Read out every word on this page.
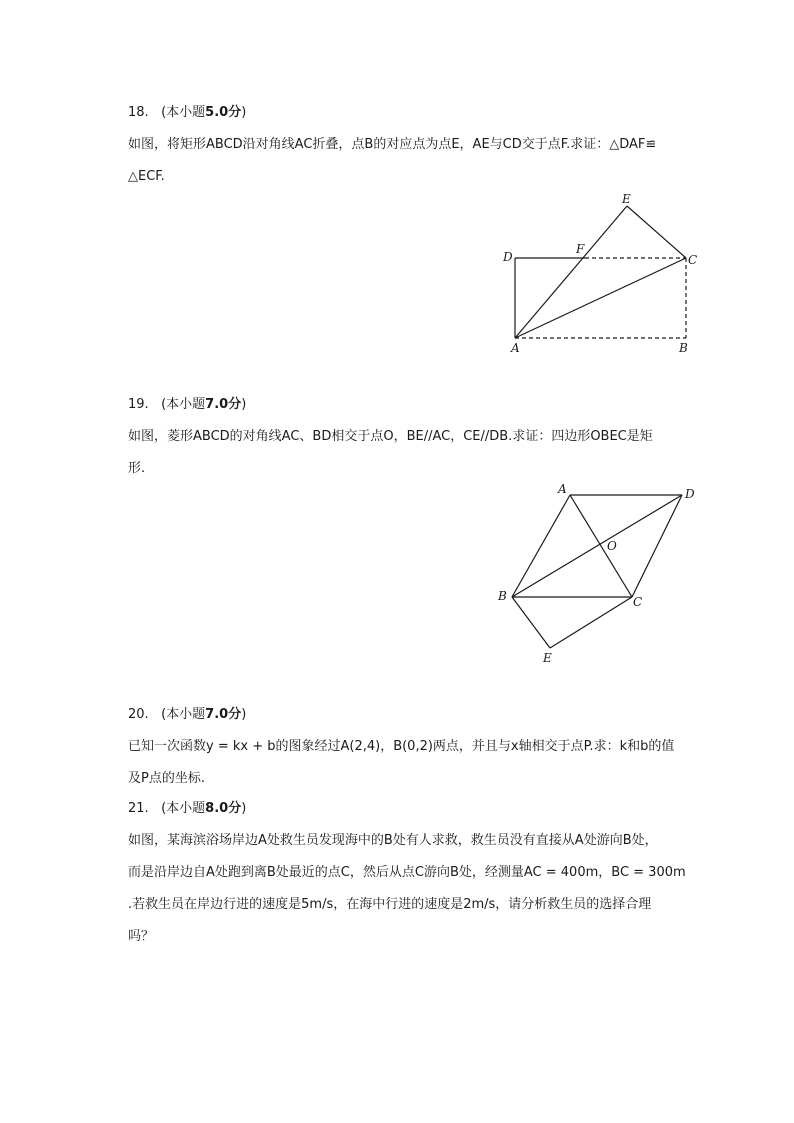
18. (本小题5.0分)
如图，将矩形ABCD沿对角线AC折叠，点B的对应点为点E，AE与CD交于点F.求证：△DAF≌
△ECF.
E
F
D	C
A	B
19. (本小题7.0分)
如图，菱形ABCD的对角线AC、BD相交于点O，BE//AC，CE//DB.求证：四边形OBEC是矩
形.
A	D
O
B	C
E
20. (本小题7.0分)
已知一次函数y = kx + b的图象经过A(2,4)，B(0,2)两点，并且与x轴相交于点P.求：k和b的值
及P点的坐标.
21. (本小题8.0分)
如图，某海滨浴场岸边A处救生员发现海中的B处有人求救，救生员没有直接从A处游向B处，
而是沿岸边自A处跑到离B处最近的点C，然后从点C游向B处，经测量AC = 400m，BC = 300m
.若救生员在岸边行进的速度是5m/s，在海中行进的速度是2m/s，请分析救生员的选择合理
吗？
